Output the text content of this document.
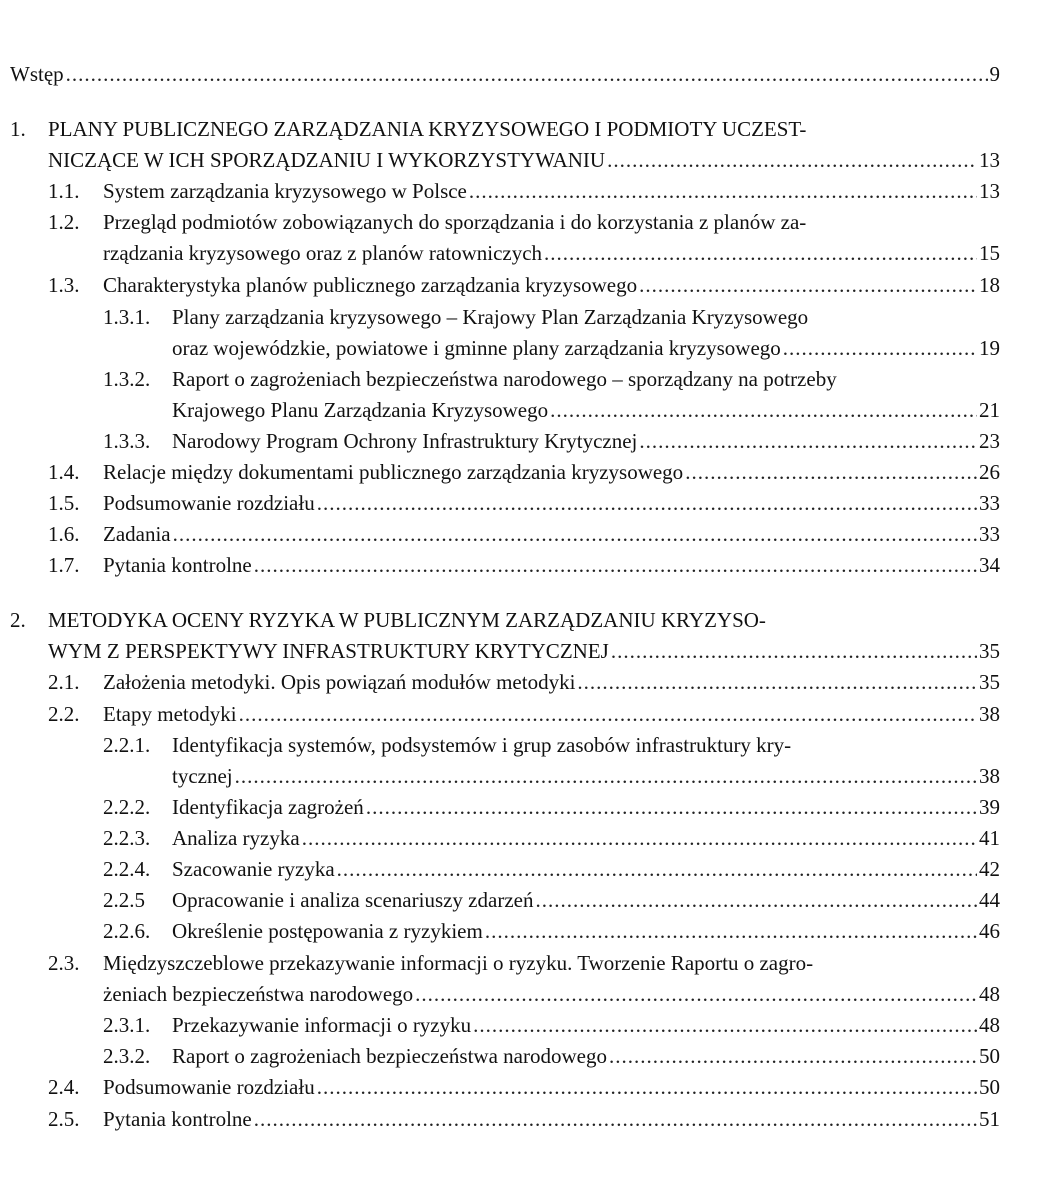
Wstęp .....	9
1. PLANY PUBLICZNEGO ZARZĄDZANIA KRYZYSOWEGO I PODMIOTY UCZEST-
NICZĄCE W ICH SPORZĄDZANIU I WYKORZYSTYWANIU .....	13
1.1. System zarządzania kryzysowego w Polsce .....	13
1.2. Przegląd podmiotów zobowiązanych do sporządzania i do korzystania z planów za-
rządzania kryzysowego oraz z planów ratowniczych .....	15
1.3. Charakterystyka planów publicznego zarządzania kryzysowego .....	18
1.3.1. Plany zarządzania kryzysowego – Krajowy Plan Zarządzania Kryzysowego
oraz wojewódzkie, powiatowe i gminne plany zarządzania kryzysowego .....	19
1.3.2. Raport o zagrożeniach bezpieczeństwa narodowego – sporządzany na potrzeby
Krajowego Planu Zarządzania Kryzysowego .....	21
1.3.3. Narodowy Program Ochrony Infrastruktury Krytycznej .....	23
1.4. Relacje między dokumentami publicznego zarządzania kryzysowego .....	26
1.5. Podsumowanie rozdziału .....	33
1.6. Zadania .....	33
1.7. Pytania kontrolne .....	34
2. METODYKA OCENY RYZYKA W PUBLICZNYM ZARZĄDZANIU KRYZYSO-
WYM Z PERSPEKTYWY INFRASTRUKTURY KRYTYCZNEJ .....	35
2.1. Założenia metodyki. Opis powiązań modułów metodyki .....	35
2.2. Etapy metodyki .....	38
2.2.1. Identyfikacja systemów, podsystemów i grup zasobów infrastruktury kry-
tycznej .....	38
2.2.2. Identyfikacja zagrożeń .....	39
2.2.3. Analiza ryzyka .....	41
2.2.4. Szacowanie ryzyka .....	42
2.2.5 Opracowanie i analiza scenariuszy zdarzeń .....	44
2.2.6. Określenie postępowania z ryzykiem .....	46
2.3. Międzyszczeblowe przekazywanie informacji o ryzyku. Tworzenie Raportu o zagro-
żeniach bezpieczeństwa narodowego .....	48
2.3.1. Przekazywanie informacji o ryzyku .....	48
2.3.2. Raport o zagrożeniach bezpieczeństwa narodowego .....	50
2.4. Podsumowanie rozdziału .....	50
2.5. Pytania kontrolne .....	51
